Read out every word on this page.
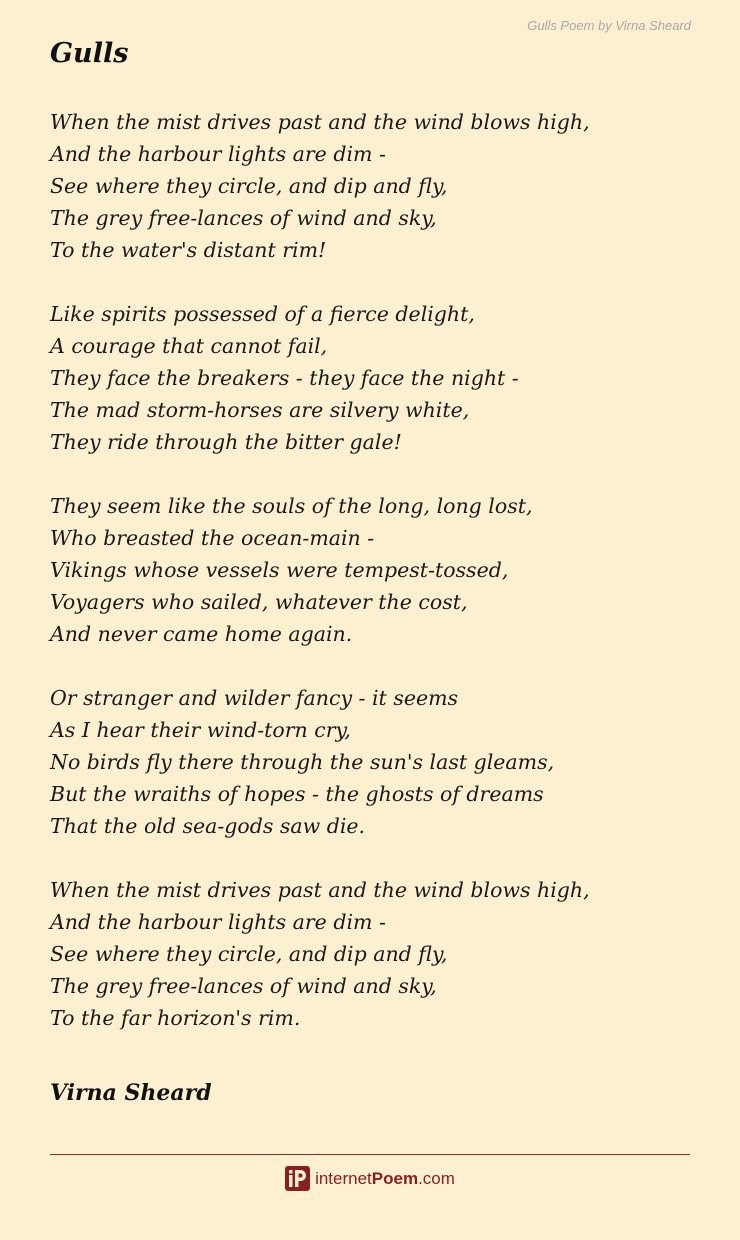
Gulls Poem by Virna Sheard

Gulls

When the mist drives past and the wind blows high,
And the harbour lights are dim -
See where they circle, and dip and fly,
The grey free-lances of wind and sky,
To the water's distant rim!

Like spirits possessed of a fierce delight,
A courage that cannot fail,
They face the breakers - they face the night -
The mad storm-horses are silvery white,
They ride through the bitter gale!

They seem like the souls of the long, long lost,
Who breasted the ocean-main -
Vikings whose vessels were tempest-tossed,
Voyagers who sailed, whatever the cost,
And never came home again.

Or stranger and wilder fancy - it seems
As I hear their wind-torn cry,
No birds fly there through the sun's last gleams,
But the wraiths of hopes - the ghosts of dreams
That the old sea-gods saw die.

When the mist drives past and the wind blows high,
And the harbour lights are dim -
See where they circle, and dip and fly,
The grey free-lances of wind and sky,
To the far horizon's rim.

Virna Sheard

internetPoem.com
